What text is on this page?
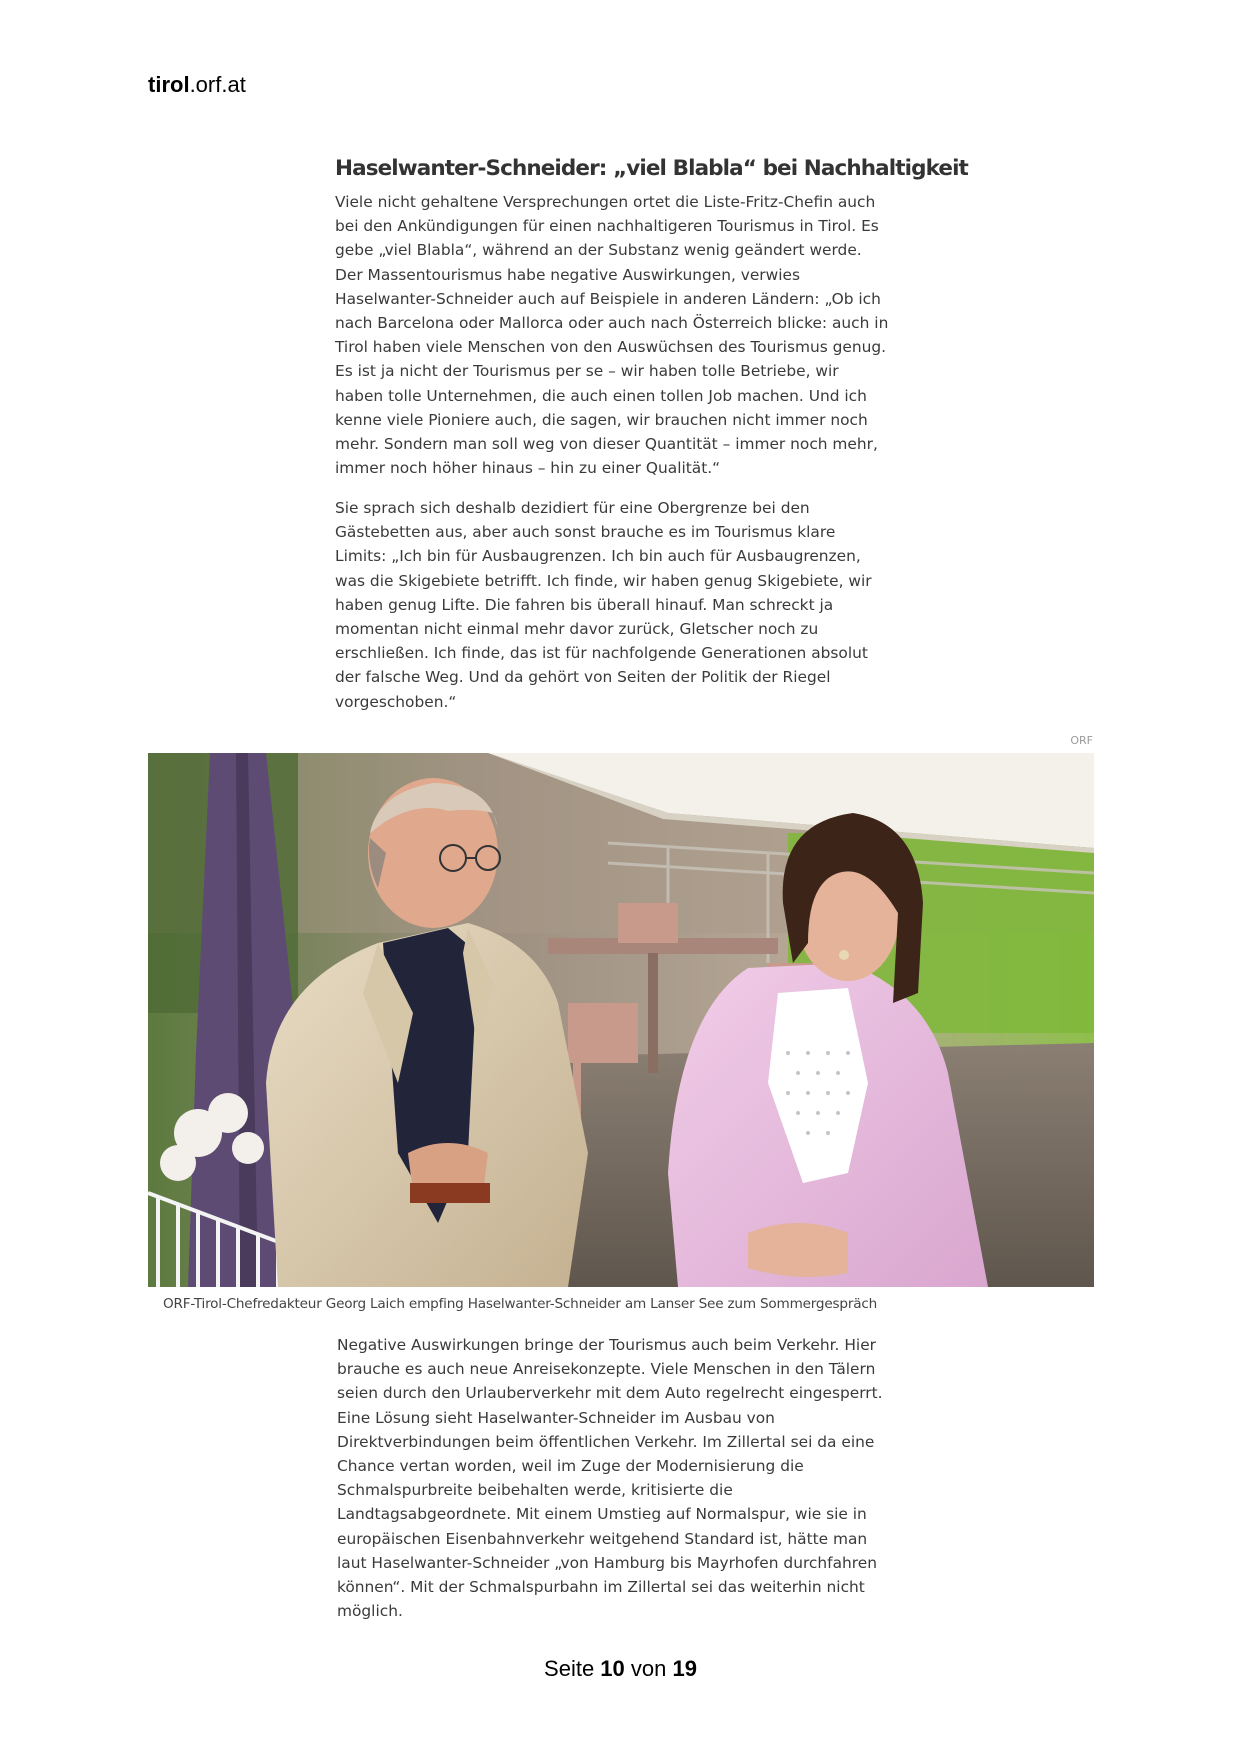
tirol.orf.at
Haselwanter-Schneider: „viel Blabla“ bei Nachhaltigkeit
Viele nicht gehaltene Versprechungen ortet die Liste-Fritz-Chefin auch
bei den Ankündigungen für einen nachhaltigeren Tourismus in Tirol. Es
gebe „viel Blabla“, während an der Substanz wenig geändert werde.
Der Massentourismus habe negative Auswirkungen, verwies
Haselwanter-Schneider auch auf Beispiele in anderen Ländern: „Ob ich
nach Barcelona oder Mallorca oder auch nach Österreich blicke: auch in
Tirol haben viele Menschen von den Auswüchsen des Tourismus genug.
Es ist ja nicht der Tourismus per se – wir haben tolle Betriebe, wir
haben tolle Unternehmen, die auch einen tollen Job machen. Und ich
kenne viele Pioniere auch, die sagen, wir brauchen nicht immer noch
mehr. Sondern man soll weg von dieser Quantität – immer noch mehr,
immer noch höher hinaus – hin zu einer Qualität.“
Sie sprach sich deshalb dezidiert für eine Obergrenze bei den
Gästebetten aus, aber auch sonst brauche es im Tourismus klare
Limits: „Ich bin für Ausbaugrenzen. Ich bin auch für Ausbaugrenzen,
was die Skigebiete betrifft. Ich finde, wir haben genug Skigebiete, wir
haben genug Lifte. Die fahren bis überall hinauf. Man schreckt ja
momentan nicht einmal mehr davor zurück, Gletscher noch zu
erschließen. Ich finde, das ist für nachfolgende Generationen absolut
der falsche Weg. Und da gehört von Seiten der Politik der Riegel
vorgeschoben.“
ORF
ORF-Tirol-Chefredakteur Georg Laich empfing Haselwanter-Schneider am Lanser See zum Sommergespräch
Negative Auswirkungen bringe der Tourismus auch beim Verkehr. Hier
brauche es auch neue Anreisekonzepte. Viele Menschen in den Tälern
seien durch den Urlauberverkehr mit dem Auto regelrecht eingesperrt.
Eine Lösung sieht Haselwanter-Schneider im Ausbau von
Direktverbindungen beim öffentlichen Verkehr. Im Zillertal sei da eine
Chance vertan worden, weil im Zuge der Modernisierung die
Schmalspurbreite beibehalten werde, kritisierte die
Landtagsabgeordnete. Mit einem Umstieg auf Normalspur, wie sie in
europäischen Eisenbahnverkehr weitgehend Standard ist, hätte man
laut Haselwanter-Schneider „von Hamburg bis Mayrhofen durchfahren
können“. Mit der Schmalspurbahn im Zillertal sei das weiterhin nicht
möglich.
Seite 10 von 19
